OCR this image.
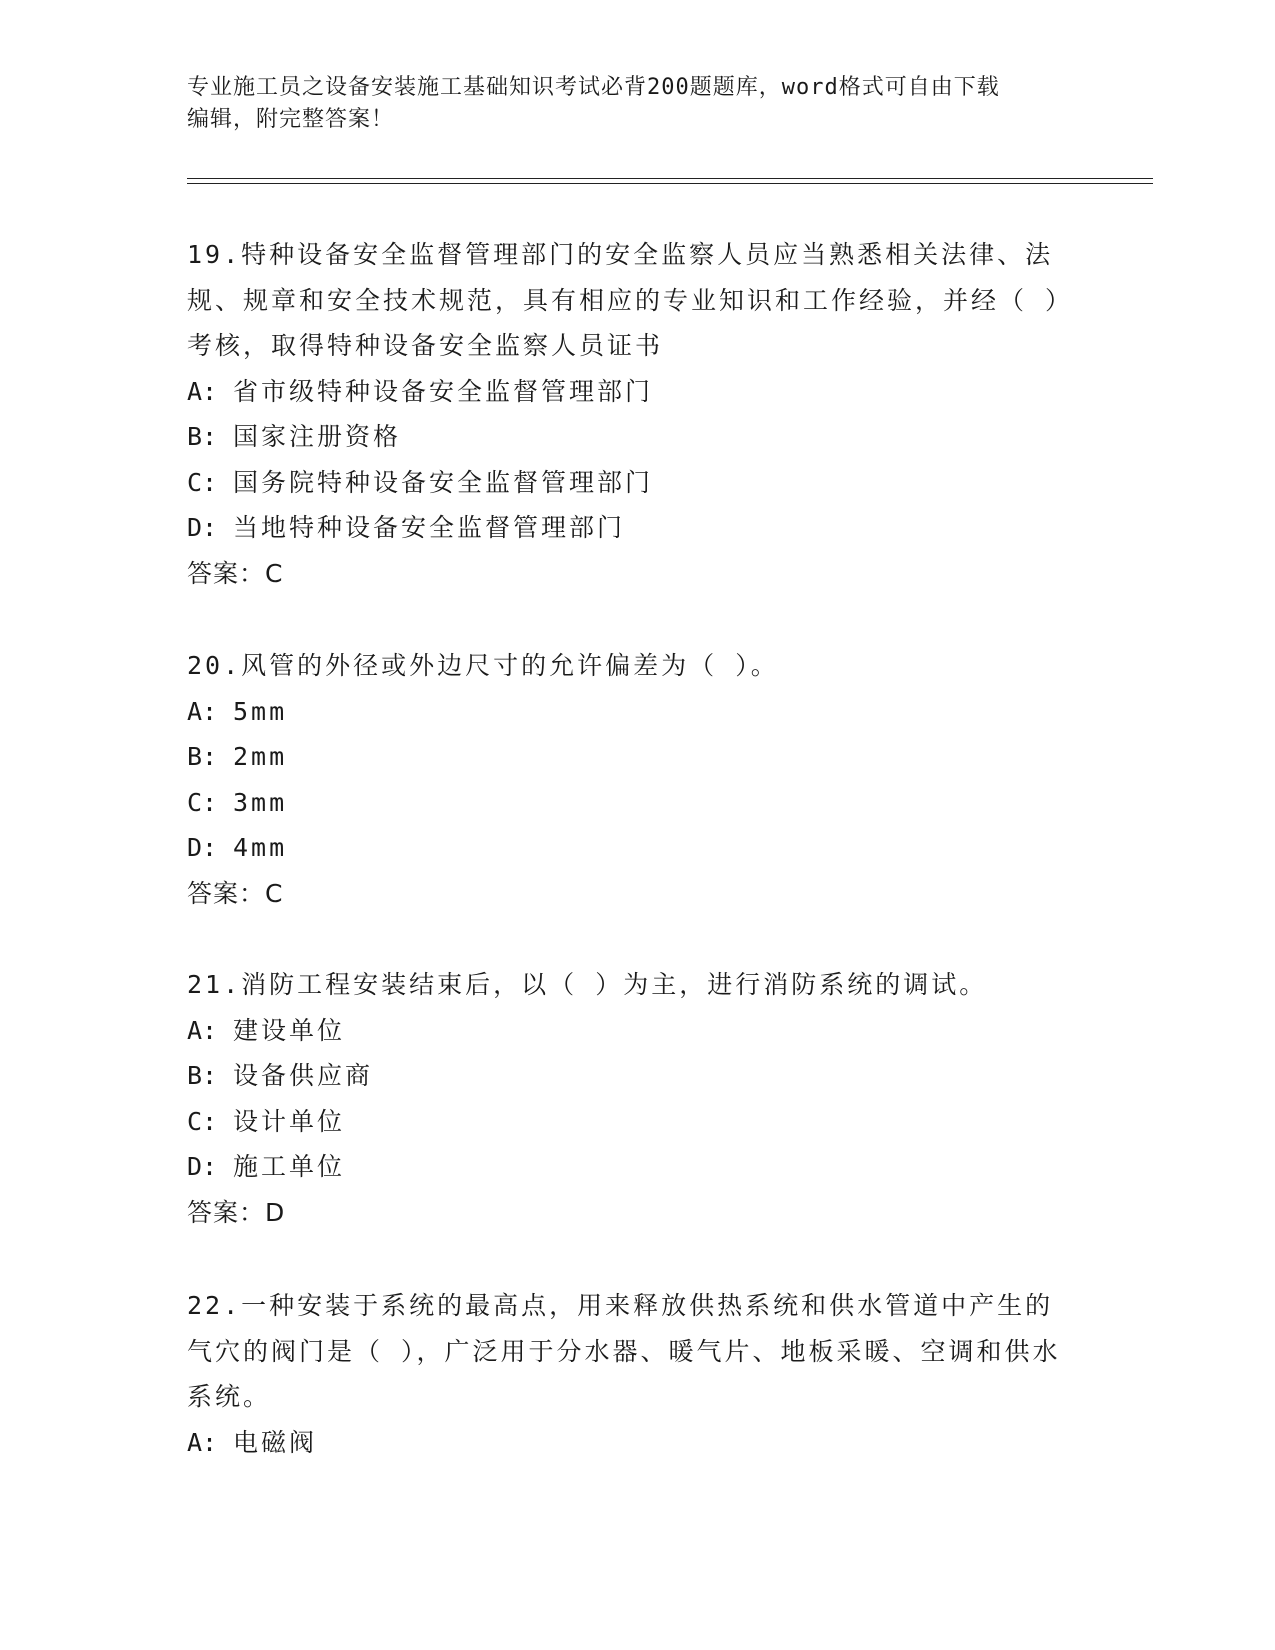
专业施工员之设备安装施工基础知识考试必背200题题库，word格式可自由下载
编辑，附完整答案！

19.特种设备安全监督管理部门的安全监察人员应当熟悉相关法律、法规、规章和安全技术规范，具有相应的专业知识和工作经验，并经（ ）考核，取得特种设备安全监察人员证书

A: 省市级特种设备安全监督管理部门

B: 国家注册资格

C: 国务院特种设备安全监督管理部门

D: 当地特种设备安全监督管理部门

答案：C

20.风管的外径或外边尺寸的允许偏差为（ ）。

A: 5mm

B: 2mm

C: 3mm

D: 4mm

答案：C

21.消防工程安装结束后，以（ ）为主，进行消防系统的调试。

A: 建设单位

B: 设备供应商

C: 设计单位

D: 施工单位

答案：D

22.一种安装于系统的最高点，用来释放供热系统和供水管道中产生的气穴的阀门是（ ），广泛用于分水器、暖气片、地板采暖、空调和供水系统。

A: 电磁阀
